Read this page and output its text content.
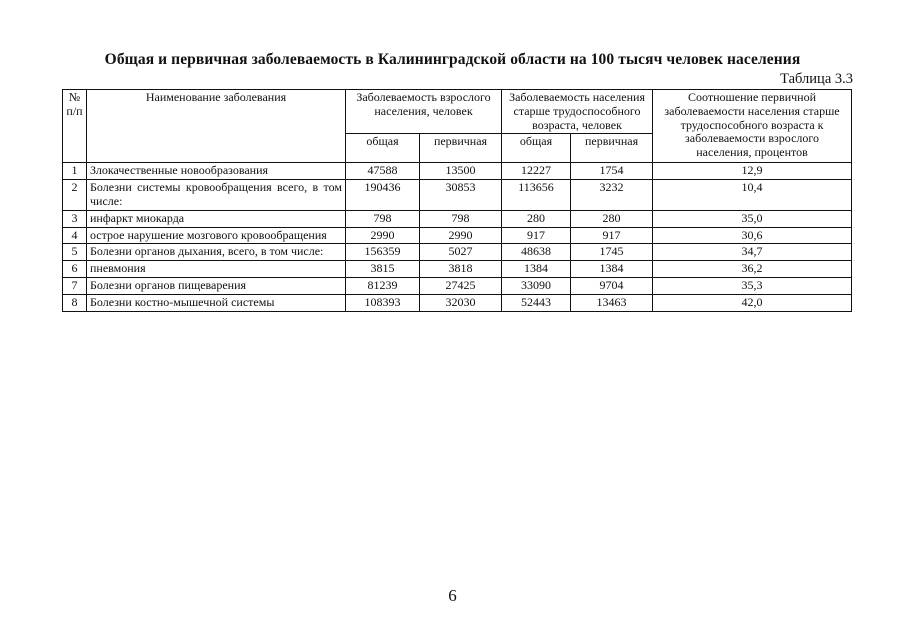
Общая и первичная заболеваемость в Калининградской области на 100 тысяч человек населения
Таблица 3.3
№ п/п	Наименование заболевания	Заболеваемость взрослого населения, человек		Заболеваемость населения старше трудоспособного возраста, человек		Соотношение первичной заболеваемости населения старше трудоспособного возраста к заболеваемости взрослого населения, процентов
		общая	первичная	общая	первичная	
1	Злокачественные новообразования	47588	13500	12227	1754	12,9
2	Болезни системы кровообращения всего, в том числе:	190436	30853	113656	3232	10,4
3	инфаркт миокарда	798	798	280	280	35,0
4	острое нарушение мозгового кровообращения	2990	2990	917	917	30,6
5	Болезни органов дыхания, всего, в том числе:	156359	5027	48638	1745	34,7
6	пневмония	3815	3818	1384	1384	36,2
7	Болезни органов пищеварения	81239	27425	33090	9704	35,3
8	Болезни костно-мышечной системы	108393	32030	52443	13463	42,0
6
